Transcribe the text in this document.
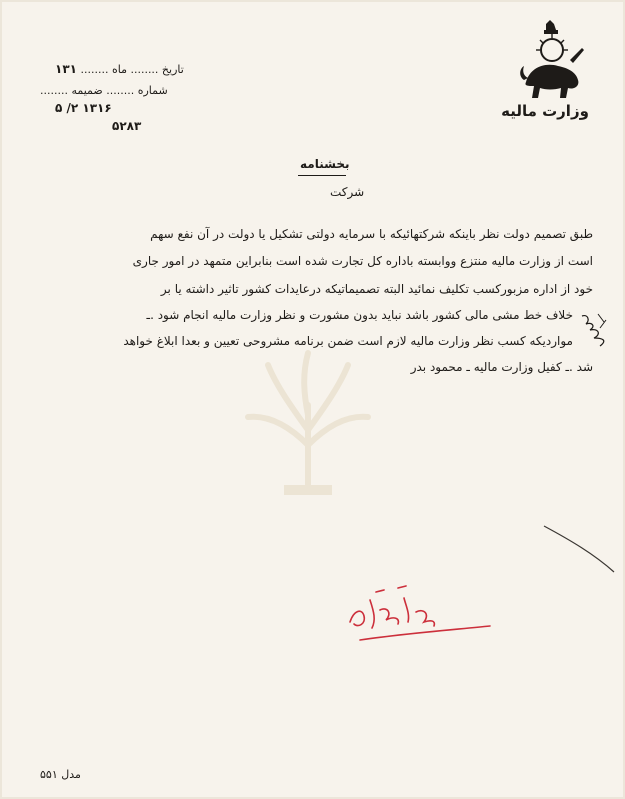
وزارت ماليه
تاريخ ........ ماه ........ ۱۳۱
شماره ........ ضميمه ........
۱۳۱۶ ۲/ ۵
۵۲۸۳
بخشنامه
شركت
طبق تصميم دولت نظر باينكه شركتهائيكه با سرمايه دولتى تشكيل يا دولت در آن نفع سهم
است از وزارت ماليه منتزع ووابسته باداره كل تجارت شده است بنابراين متمهد در امور جارى
خود از اداره مزبوركسب تكليف نمائيد البته تصميماتيكه درعايدات كشور تاثير داشته يا بر
خلاف خط مشى مالى كشور باشد نبايد بدون مشورت و نظر وزارت ماليه انجام شود .ـ
مواردیكه كسب نظر وزارت ماليه لازم است ضمن برنامه مشروحی تعيين و بعدا ابلاغ خواهد
شد .ـ كفيل وزارت ماليه ـ محمود بدر
مدل ۵۵۱
